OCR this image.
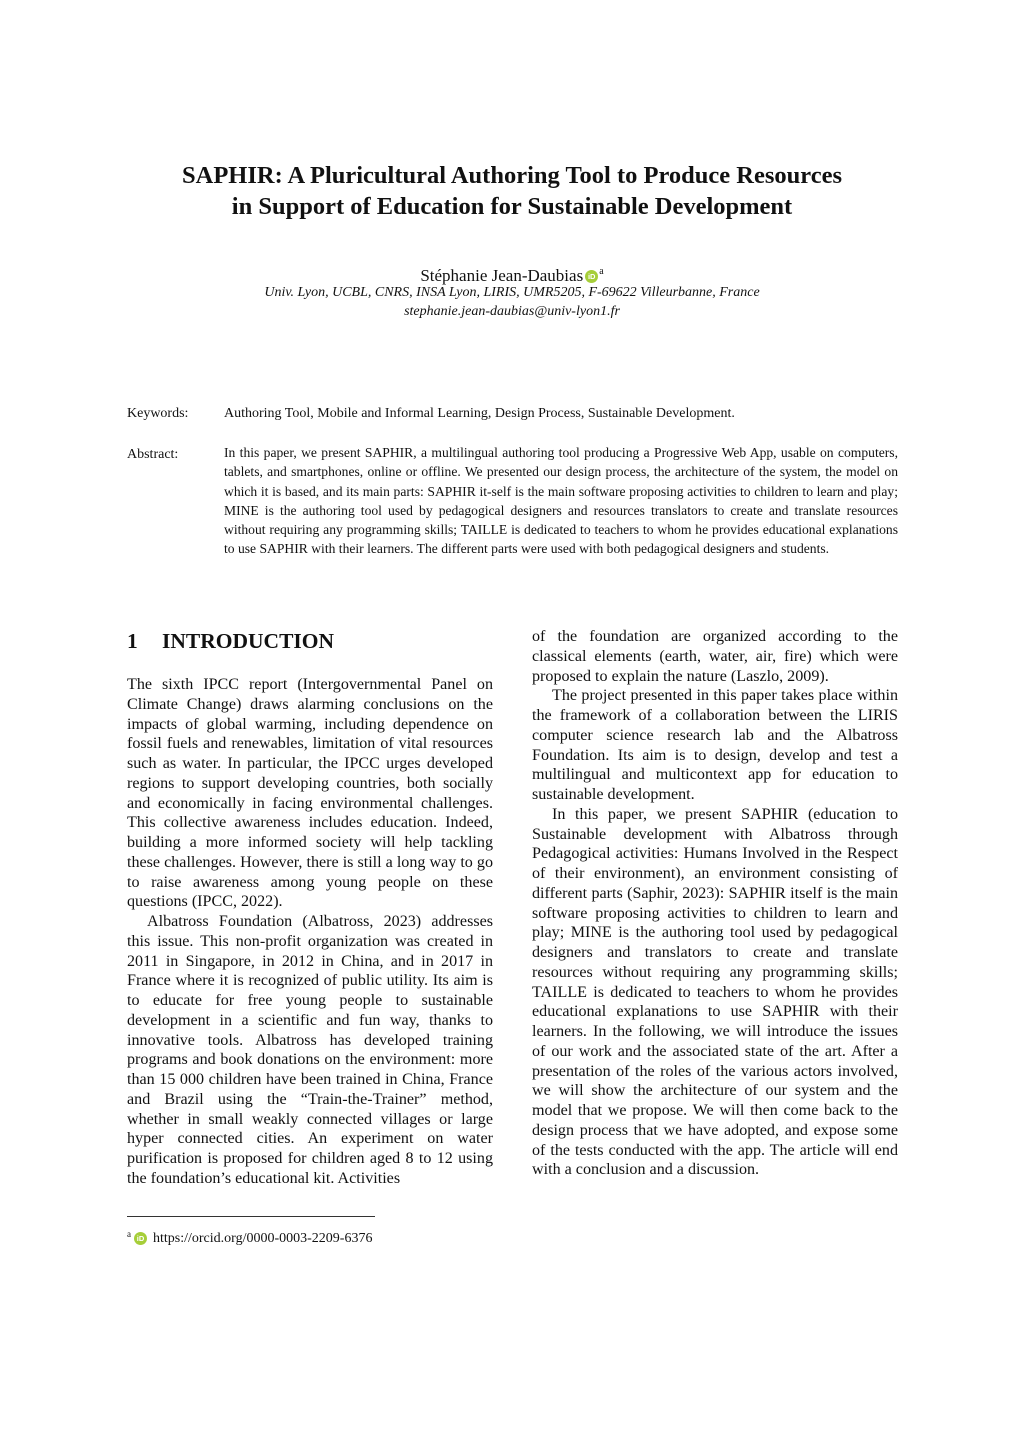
SAPHIR: A Pluricultural Authoring Tool to Produce Resources
in Support of Education for Sustainable Development
Stéphanie Jean-Daubias iD $^a$
Univ. Lyon, UCBL, CNRS, INSA Lyon, LIRIS, UMR5205, F-69622 Villeurbanne, France
stephanie.jean-daubias@univ-lyon1.fr
Keywords:	Authoring Tool, Mobile and Informal Learning, Design Process, Sustainable Development.
Abstract:	In this paper, we present SAPHIR, a multilingual authoring tool producing a Progressive Web App, usable on computers, tablets, and smartphones, online or offline. We presented our design process, the architecture of the system, the model on which it is based, and its main parts: SAPHIR it-self is the main software proposing activities to children to learn and play; MINE is the authoring tool used by pedagogical designers and resources translators to create and translate resources without requiring any programming skills; TAILLE is dedicated to teachers to whom he provides educational explanations to use SAPHIR with their learners. The different parts were used with both pedagogical designers and students.
1 INTRODUCTION

The sixth IPCC report (Intergovernmental Panel on Climate Change) draws alarming conclusions on the impacts of global warming, including dependence on fossil fuels and renewables, limitation of vital resources such as water. In particular, the IPCC urges developed regions to support developing countries, both socially and economically in facing environmental challenges. This collective awareness includes education. Indeed, building a more informed society will help tackling these challenges. However, there is still a long way to go to raise awareness among young people on these questions (IPCC, 2022).

Albatross Foundation (Albatross, 2023) addresses this issue. This non-profit organization was created in 2011 in Singapore, in 2012 in China, and in 2017 in France where it is recognized of public utility. Its aim is to educate for free young people to sustainable development in a scientific and fun way, thanks to innovative tools. Albatross has developed training programs and book donations on the environment: more than 15 000 children have been trained in China, France and Brazil using the “Train-the-Trainer” method, whether in small weakly connected villages or large hyper connected cities. An experiment on water purification is proposed for children aged 8 to 12 using the foundation’s educational kit. Activities

of the foundation are organized according to the classical elements (earth, water, air, fire) which were proposed to explain the nature (Laszlo, 2009).

The project presented in this paper takes place within the framework of a collaboration between the LIRIS computer science research lab and the Albatross Foundation. Its aim is to design, develop and test a multilingual and multicontext app for education to sustainable development.

In this paper, we present SAPHIR (education to Sustainable development with Albatross through Pedagogical activities: Humans Involved in the Respect of their environment), an environment consisting of different parts (Saphir, 2023): SAPHIR itself is the main software proposing activities to children to learn and play; MINE is the authoring tool used by pedagogical designers and translators to create and translate resources without requiring any programming skills; TAILLE is dedicated to teachers to whom he provides educational explanations to use SAPHIR with their learners. In the following, we will introduce the issues of our work and the associated state of the art. After a presentation of the roles of the various actors involved, we will show the architecture of our system and the model that we propose. We will then come back to the design process that we have adopted, and expose some of the tests conducted with the app. The article will end with a conclusion and a discussion.

$^a$ iD https://orcid.org/0000-0003-2209-6376
